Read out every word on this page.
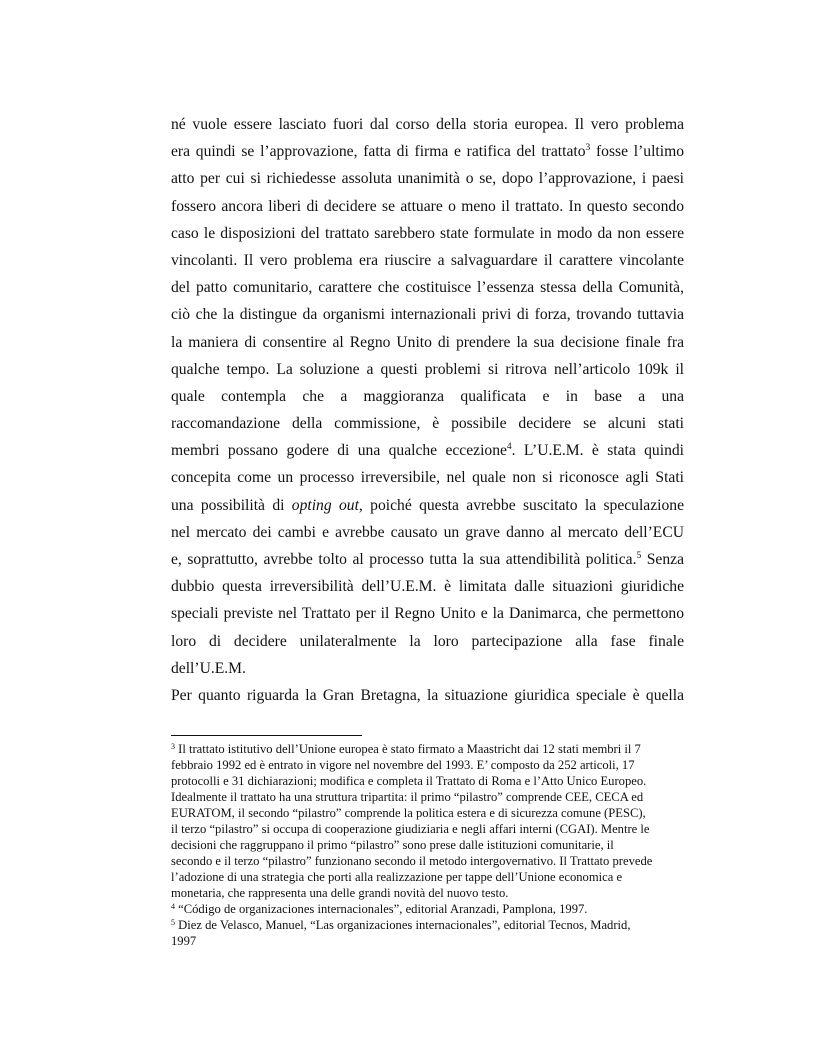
né vuole essere lasciato fuori dal corso della storia europea. Il vero problema
era quindi se l’approvazione, fatta di firma e ratifica del trattato$^3$ fosse l’ultimo
atto per cui si richiedesse assoluta unanimità o se, dopo l’approvazione, i paesi
fossero ancora liberi di decidere se attuare o meno il trattato. In questo secondo
caso le disposizioni del trattato sarebbero state formulate in modo da non essere
vincolanti. Il vero problema era riuscire a salvaguardare il carattere vincolante
del patto comunitario, carattere che costituisce l’essenza stessa della Comunità,
ciò che la distingue da organismi internazionali privi di forza, trovando tuttavia
la maniera di consentire al Regno Unito di prendere la sua decisione finale fra
qualche tempo. La soluzione a questi problemi si ritrova nell’articolo 109k il
quale contempla che a maggioranza qualificata e in base a una
raccomandazione della commissione, è possibile decidere se alcuni stati
membri possano godere di una qualche eccezione$^4$. L’U.E.M. è stata quindi
concepita come un processo irreversibile, nel quale non si riconosce agli Stati
una possibilità di opting out, poiché questa avrebbe suscitato la speculazione
nel mercato dei cambi e avrebbe causato un grave danno al mercato dell’ECU
e, soprattutto, avrebbe tolto al processo tutta la sua attendibilità politica.$^5$ Senza
dubbio questa irreversibilità dell’U.E.M. è limitata dalle situazioni giuridiche
speciali previste nel Trattato per il Regno Unito e la Danimarca, che permettono
loro di decidere unilateralmente la loro partecipazione alla fase finale
dell’U.E.M.
Per quanto riguarda la Gran Bretagna, la situazione giuridica speciale è quella
$^3$ Il trattato istitutivo dell’Unione europea è stato firmato a Maastricht dai 12 stati membri il 7
febbraio 1992 ed è entrato in vigore nel novembre del 1993. E’ composto da 252 articoli, 17
protocolli e 31 dichiarazioni; modifica e completa il Trattato di Roma e l’Atto Unico Europeo.
Idealmente il trattato ha una struttura tripartita: il primo “pilastro” comprende CEE, CECA ed
EURATOM, il secondo “pilastro” comprende la politica estera e di sicurezza comune (PESC),
il terzo “pilastro” si occupa di cooperazione giudiziaria e negli affari interni (CGAI). Mentre le
decisioni che raggruppano il primo “pilastro” sono prese dalle istituzioni comunitarie, il
secondo e il terzo “pilastro” funzionano secondo il metodo intergovernativo. Il Trattato prevede
l’adozione di una strategia che porti alla realizzazione per tappe dell’Unione economica e
monetaria, che rappresenta una delle grandi novità del nuovo testo.
$^4$ “Código de organizaciones internacionales”, editorial Aranzadi, Pamplona, 1997.
$^5$ Diez de Velasco, Manuel, “Las organizaciones internacionales”, editorial Tecnos, Madrid,
1997
